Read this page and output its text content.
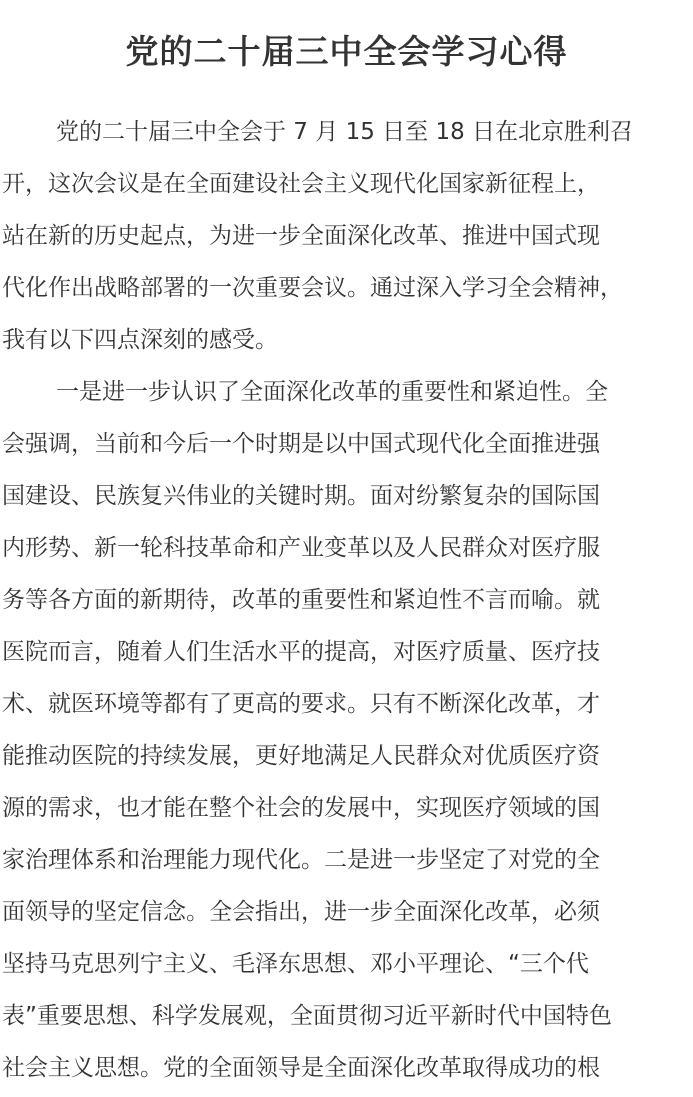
党的二十届三中全会学习心得

党的二十届三中全会于 7 月 15 日至 18 日在北京胜利召

开，这次会议是在全面建设社会主义现代化国家新征程上，

站在新的历史起点，为进一步全面深化改革、推进中国式现

代化作出战略部署的一次重要会议。通过深入学习全会精神，

我有以下四点深刻的感受。

一是进一步认识了全面深化改革的重要性和紧迫性。全

会强调，当前和今后一个时期是以中国式现代化全面推进强

国建设、民族复兴伟业的关键时期。面对纷繁复杂的国际国

内形势、新一轮科技革命和产业变革以及人民群众对医疗服

务等各方面的新期待，改革的重要性和紧迫性不言而喻。就

医院而言，随着人们生活水平的提高，对医疗质量、医疗技

术、就医环境等都有了更高的要求。只有不断深化改革，才

能推动医院的持续发展，更好地满足人民群众对优质医疗资

源的需求，也才能在整个社会的发展中，实现医疗领域的国

家治理体系和治理能力现代化。二是进一步坚定了对党的全

面领导的坚定信念。全会指出，进一步全面深化改革，必须

坚持马克思列宁主义、毛泽东思想、邓小平理论、“三个代

表”重要思想、科学发展观，全面贯彻习近平新时代中国特色

社会主义思想。党的全面领导是全面深化改革取得成功的根
